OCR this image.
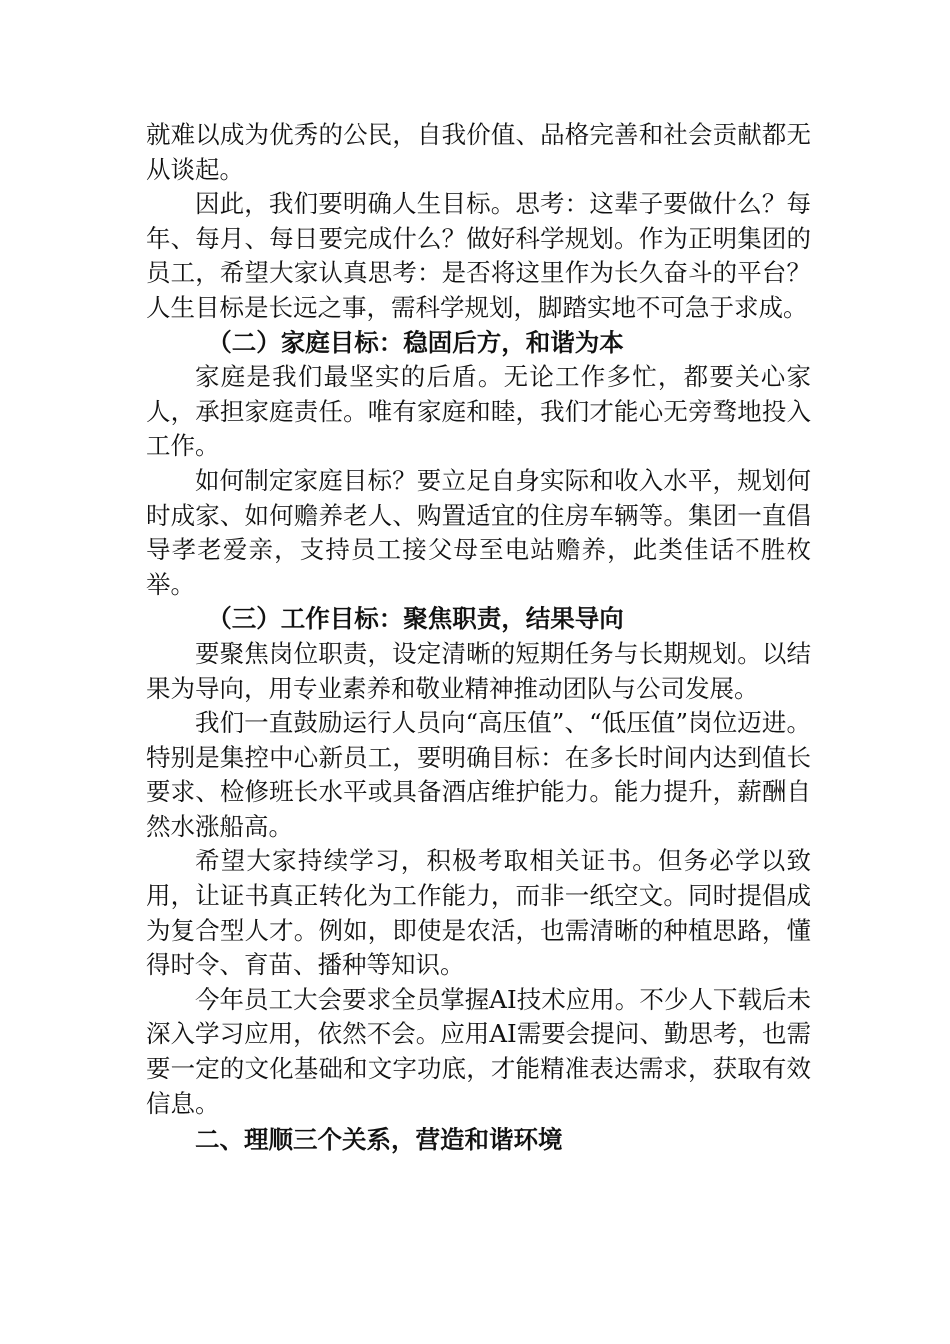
就难以成为优秀的公民，自我价值、品格完善和社会贡献都无从谈起。

因此，我们要明确人生目标。思考：这辈子要做什么？每年、每月、每日要完成什么？做好科学规划。作为正明集团的员工，希望大家认真思考：是否将这里作为长久奋斗的平台？人生目标是长远之事，需科学规划，脚踏实地不可急于求成。

（二）家庭目标：稳固后方，和谐为本

家庭是我们最坚实的后盾。无论工作多忙，都要关心家人，承担家庭责任。唯有家庭和睦，我们才能心无旁骛地投入工作。

如何制定家庭目标？要立足自身实际和收入水平，规划何时成家、如何赡养老人、购置适宜的住房车辆等。集团一直倡导孝老爱亲，支持员工接父母至电站赡养，此类佳话不胜枚举。

（三）工作目标：聚焦职责，结果导向

要聚焦岗位职责，设定清晰的短期任务与长期规划。以结果为导向，用专业素养和敬业精神推动团队与公司发展。

我们一直鼓励运行人员向“高压值”、“低压值”岗位迈进。特别是集控中心新员工，要明确目标：在多长时间内达到值长要求、检修班长水平或具备酒店维护能力。能力提升，薪酬自然水涨船高。

希望大家持续学习，积极考取相关证书。但务必学以致用，让证书真正转化为工作能力，而非一纸空文。同时提倡成为复合型人才。例如，即使是农活，也需清晰的种植思路，懂得时令、育苗、播种等知识。

今年员工大会要求全员掌握AI技术应用。不少人下载后未深入学习应用，依然不会。应用AI需要会提问、勤思考，也需要一定的文化基础和文字功底，才能精准表达需求，获取有效信息。

二、理顺三个关系，营造和谐环境
